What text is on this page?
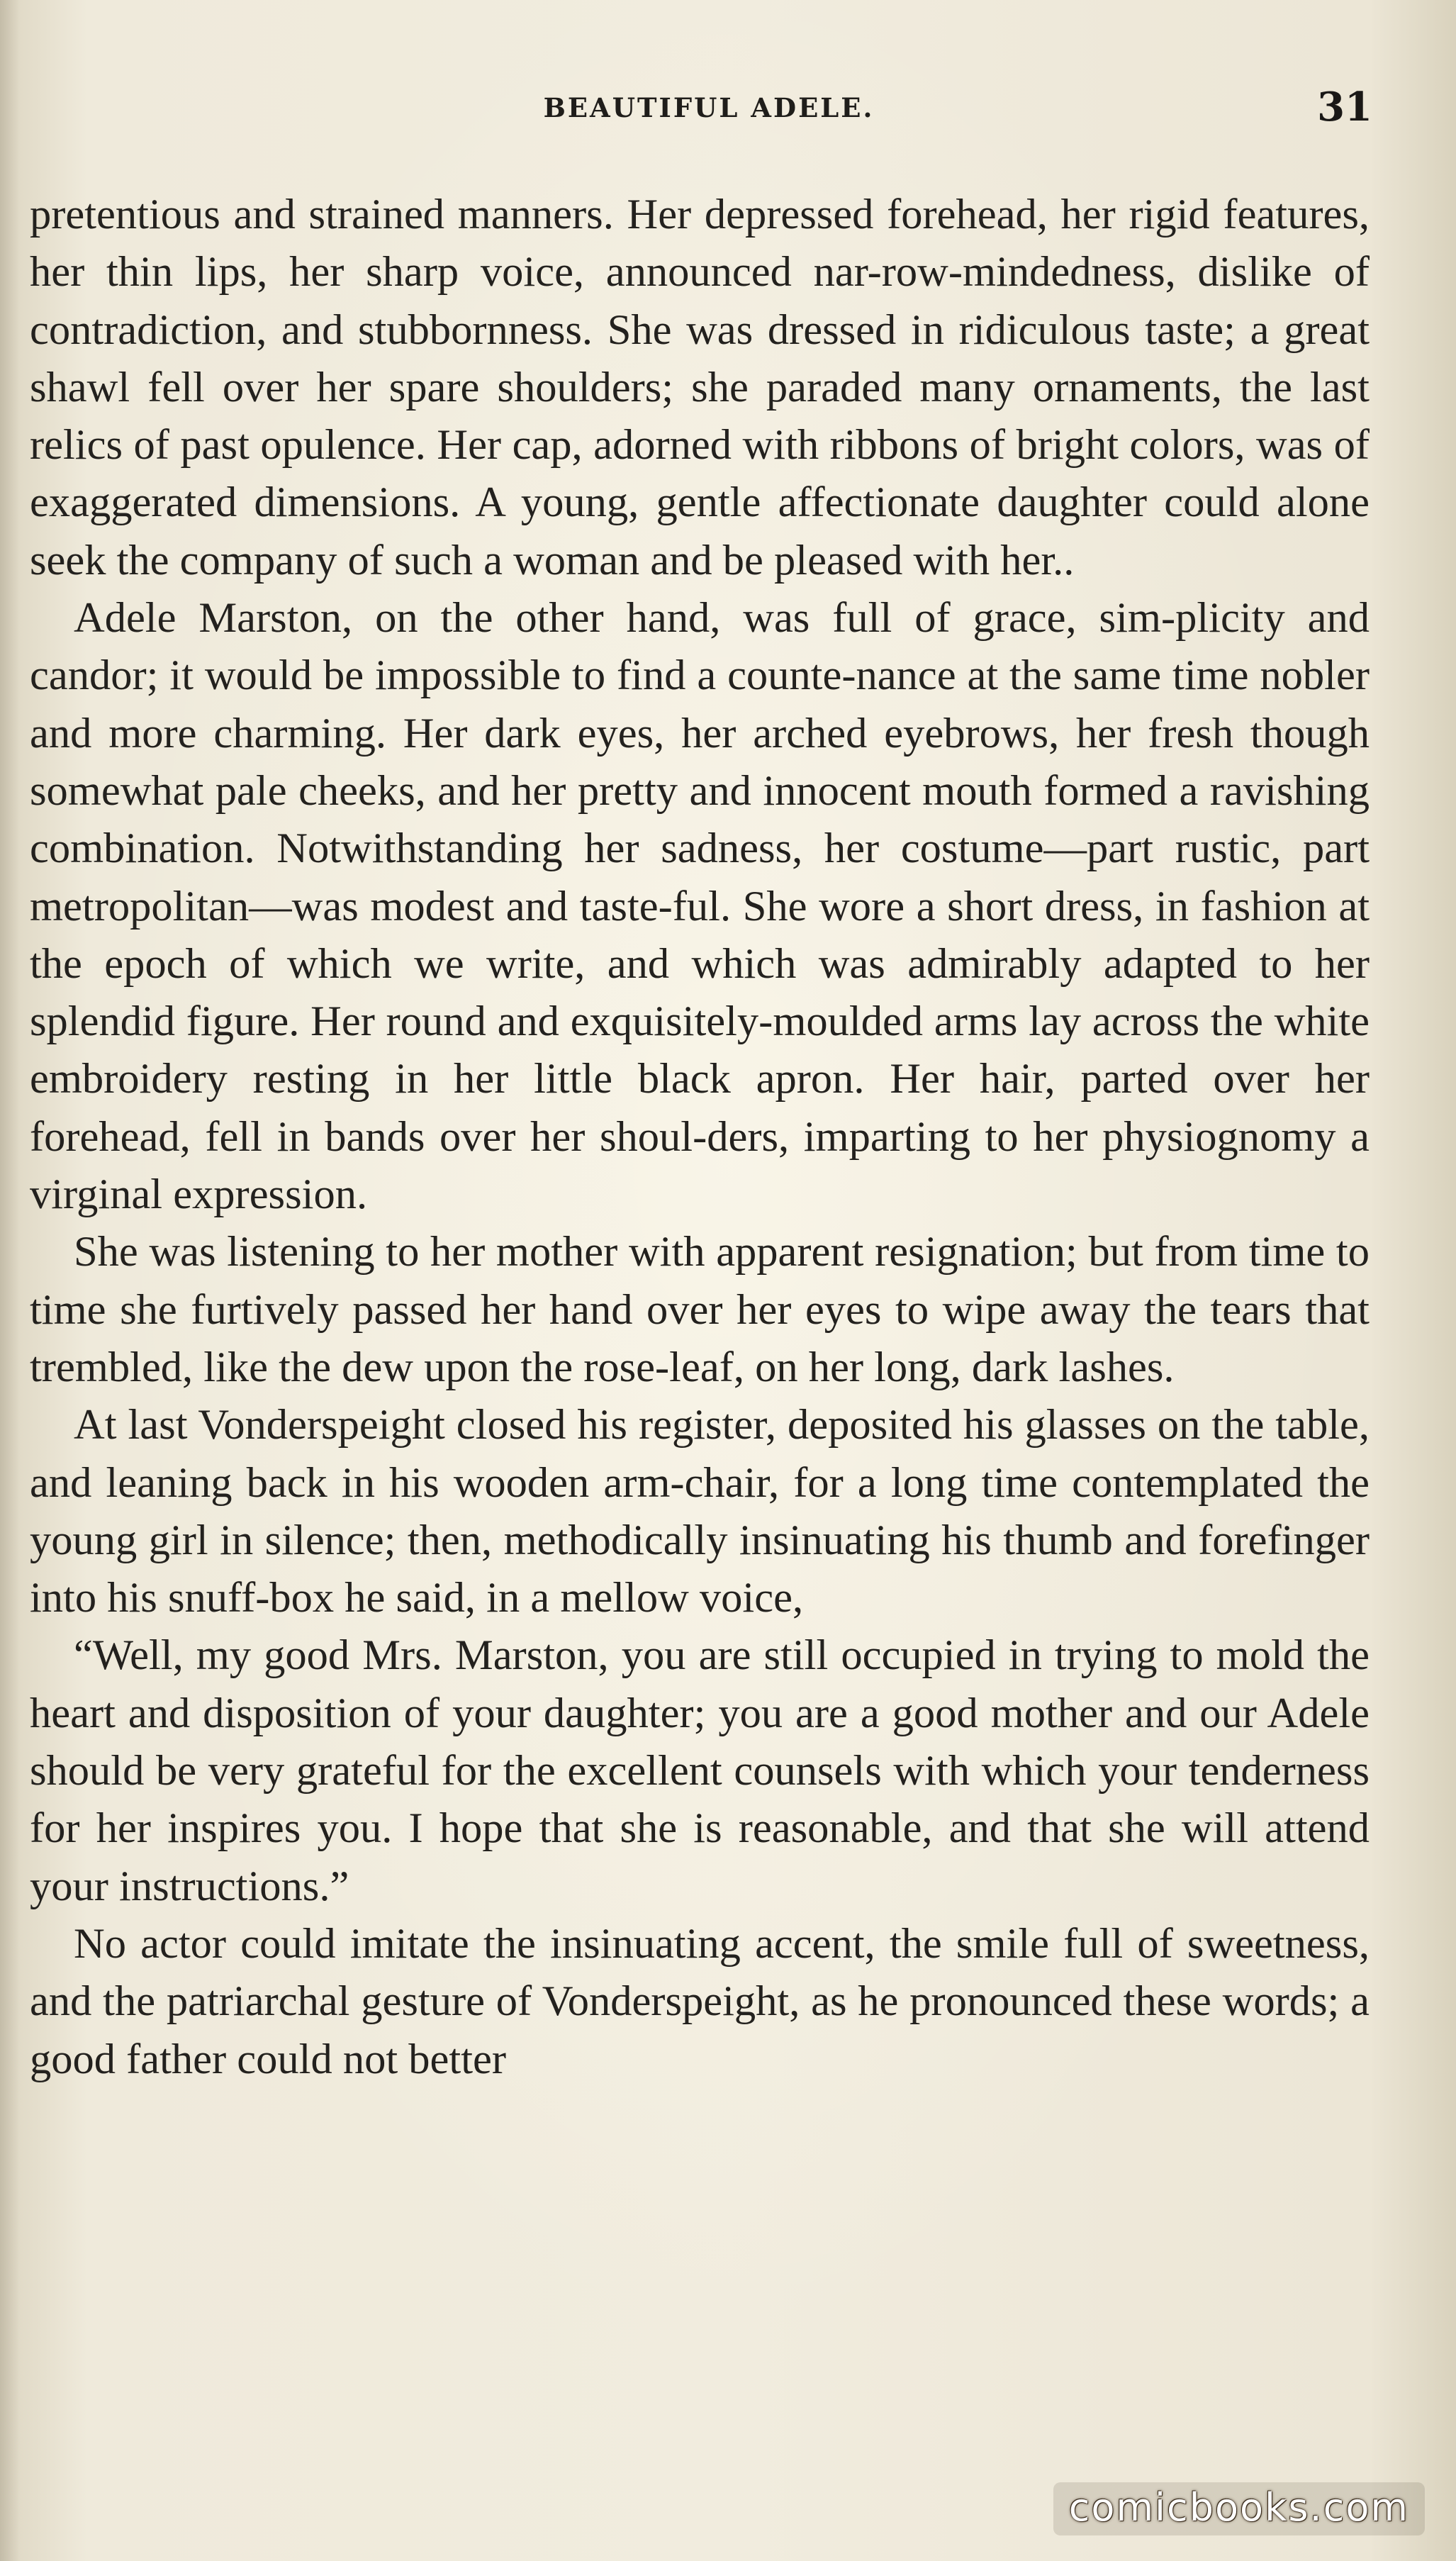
BEAUTIFUL ADELE.	31

pretentious and strained manners. Her depressed forehead, her rigid features, her thin lips, her sharp voice, announced nar-row-mindedness, dislike of contradiction, and stubbornness. She was dressed in ridiculous taste; a great shawl fell over her spare shoulders; she paraded many ornaments, the last relics of past opulence. Her cap, adorned with ribbons of bright colors, was of exaggerated dimensions. A young, gentle affectionate daughter could alone seek the company of such a woman and be pleased with her..

Adele Marston, on the other hand, was full of grace, sim-plicity and candor; it would be impossible to find a counte-nance at the same time nobler and more charming. Her dark eyes, her arched eyebrows, her fresh though somewhat pale cheeks, and her pretty and innocent mouth formed a ravishing combination. Notwithstanding her sadness, her costume—part rustic, part metropolitan—was modest and taste-ful. She wore a short dress, in fashion at the epoch of which we write, and which was admirably adapted to her splendid figure. Her round and exquisitely-moulded arms lay across the white embroidery resting in her little black apron. Her hair, parted over her forehead, fell in bands over her shoul-ders, imparting to her physiognomy a virginal expression.

She was listening to her mother with apparent resignation; but from time to time she furtively passed her hand over her eyes to wipe away the tears that trembled, like the dew upon the rose-leaf, on her long, dark lashes.

At last Vonderspeight closed his register, deposited his glasses on the table, and leaning back in his wooden arm-chair, for a long time contemplated the young girl in silence; then, methodically insinuating his thumb and forefinger into his snuff-box he said, in a mellow voice,

“Well, my good Mrs. Marston, you are still occupied in trying to mold the heart and disposition of your daughter; you are a good mother and our Adele should be very grateful for the excellent counsels with which your tenderness for her inspires you. I hope that she is reasonable, and that she will attend your instructions.”

No actor could imitate the insinuating accent, the smile full of sweetness, and the patriarchal gesture of Vonderspeight, as he pronounced these words; a good father could not better

comicbooks.com
